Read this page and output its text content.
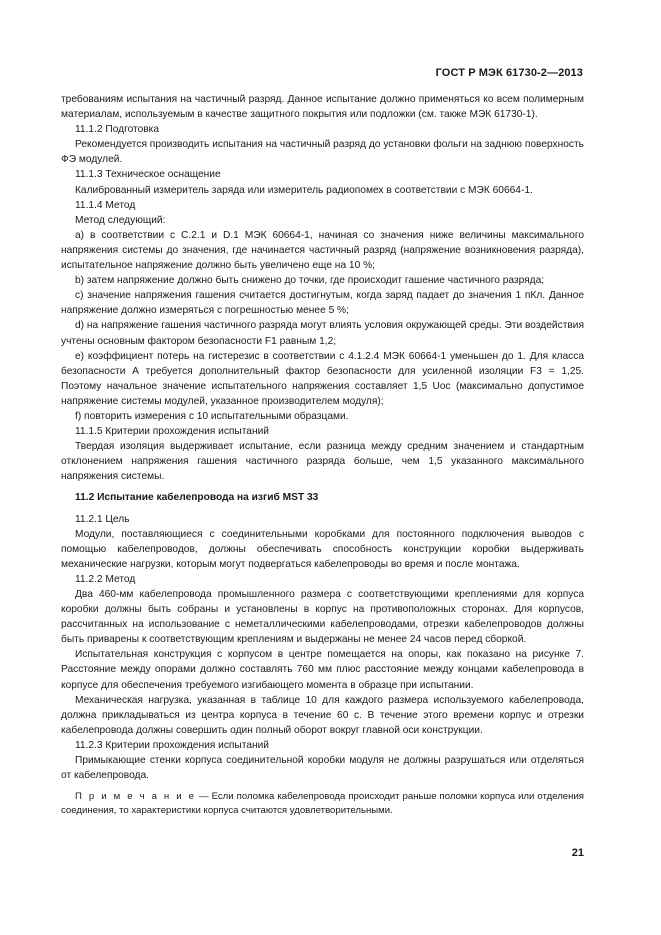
ГОСТ Р МЭК 61730-2—2013

требованиям испытания на частичный разряд. Данное испытание должно применяться ко всем полимерным материалам, используемым в качестве защитного покрытия или подложки (см. также МЭК 61730-1).

11.1.2 Подготовка

Рекомендуется производить испытания на частичный разряд до установки фольги на заднюю поверхность ФЭ модулей.

11.1.3 Техническое оснащение

Калиброванный измеритель заряда или измеритель радиопомех в соответствии с МЭК 60664-1.

11.1.4 Метод

Метод следующий:

а) в соответствии с C.2.1 и D.1 МЭК 60664-1, начиная со значения ниже величины максимального напряжения системы до значения, где начинается частичный разряд (напряжение возникновения разряда), испытательное напряжение должно быть увеличено еще на 10 %;

b) затем напряжение должно быть снижено до точки, где происходит гашение частичного разряда;

с) значение напряжения гашения считается достигнутым, когда заряд падает до значения 1 пКл. Данное напряжение должно измеряться с погрешностью менее 5 %;

d) на напряжение гашения частичного разряда могут влиять условия окружающей среды. Эти воздействия учтены основным фактором безопасности F1 равным 1,2;

е) коэффициент потерь на гистерезис в соответствии с 4.1.2.4 МЭК 60664-1 уменьшен до 1. Для класса безопасности А требуется дополнительный фактор безопасности для усиленной изоляции F3 = 1,25. Поэтому начальное значение испытательного напряжения составляет 1,5 Uoc (максимально допустимое напряжение системы модулей, указанное производителем модуля);

f) повторить измерения с 10 испытательными образцами.

11.1.5 Критерии прохождения испытаний

Твердая изоляция выдерживает испытание, если разница между средним значением и стандартным отклонением напряжения гашения частичного разряда больше, чем 1,5 указанного максимального напряжения системы.

11.2 Испытание кабелепровода на изгиб MST 33

11.2.1 Цель

Модули, поставляющиеся с соединительными коробками для постоянного подключения выводов с помощью кабелепроводов, должны обеспечивать способность конструкции коробки выдерживать механические нагрузки, которым могут подвергаться кабелепроводы во время и после монтажа.

11.2.2 Метод

Два 460-мм кабелепровода промышленного размера с соответствующими креплениями для корпуса коробки должны быть собраны и установлены в корпус на противоположных сторонах. Для корпусов, рассчитанных на использование с неметаллическими кабелепроводами, отрезки кабелепроводов должны быть приварены к соответствующим креплениям и выдержаны не менее 24 часов перед сборкой.

Испытательная конструкция с корпусом в центре помещается на опоры, как показано на рисунке 7. Расстояние между опорами должно составлять 760 мм плюс расстояние между концами кабелепровода в корпусе для обеспечения требуемого изгибающего момента в образце при испытании.

Механическая нагрузка, указанная в таблице 10 для каждого размера используемого кабелепровода, должна прикладываться из центра корпуса в течение 60 с. В течение этого времени корпус и отрезки кабелепровода должны совершить один полный оборот вокруг главной оси конструкции.

11.2.3 Критерии прохождения испытаний

Примыкающие стенки корпуса соединительной коробки модуля не должны разрушаться или отделяться от кабелепровода.

П р и м е ч а н и е — Если поломка кабелепровода происходит раньше поломки корпуса или отделения соединения, то характеристики корпуса считаются удовлетворительными.

21
